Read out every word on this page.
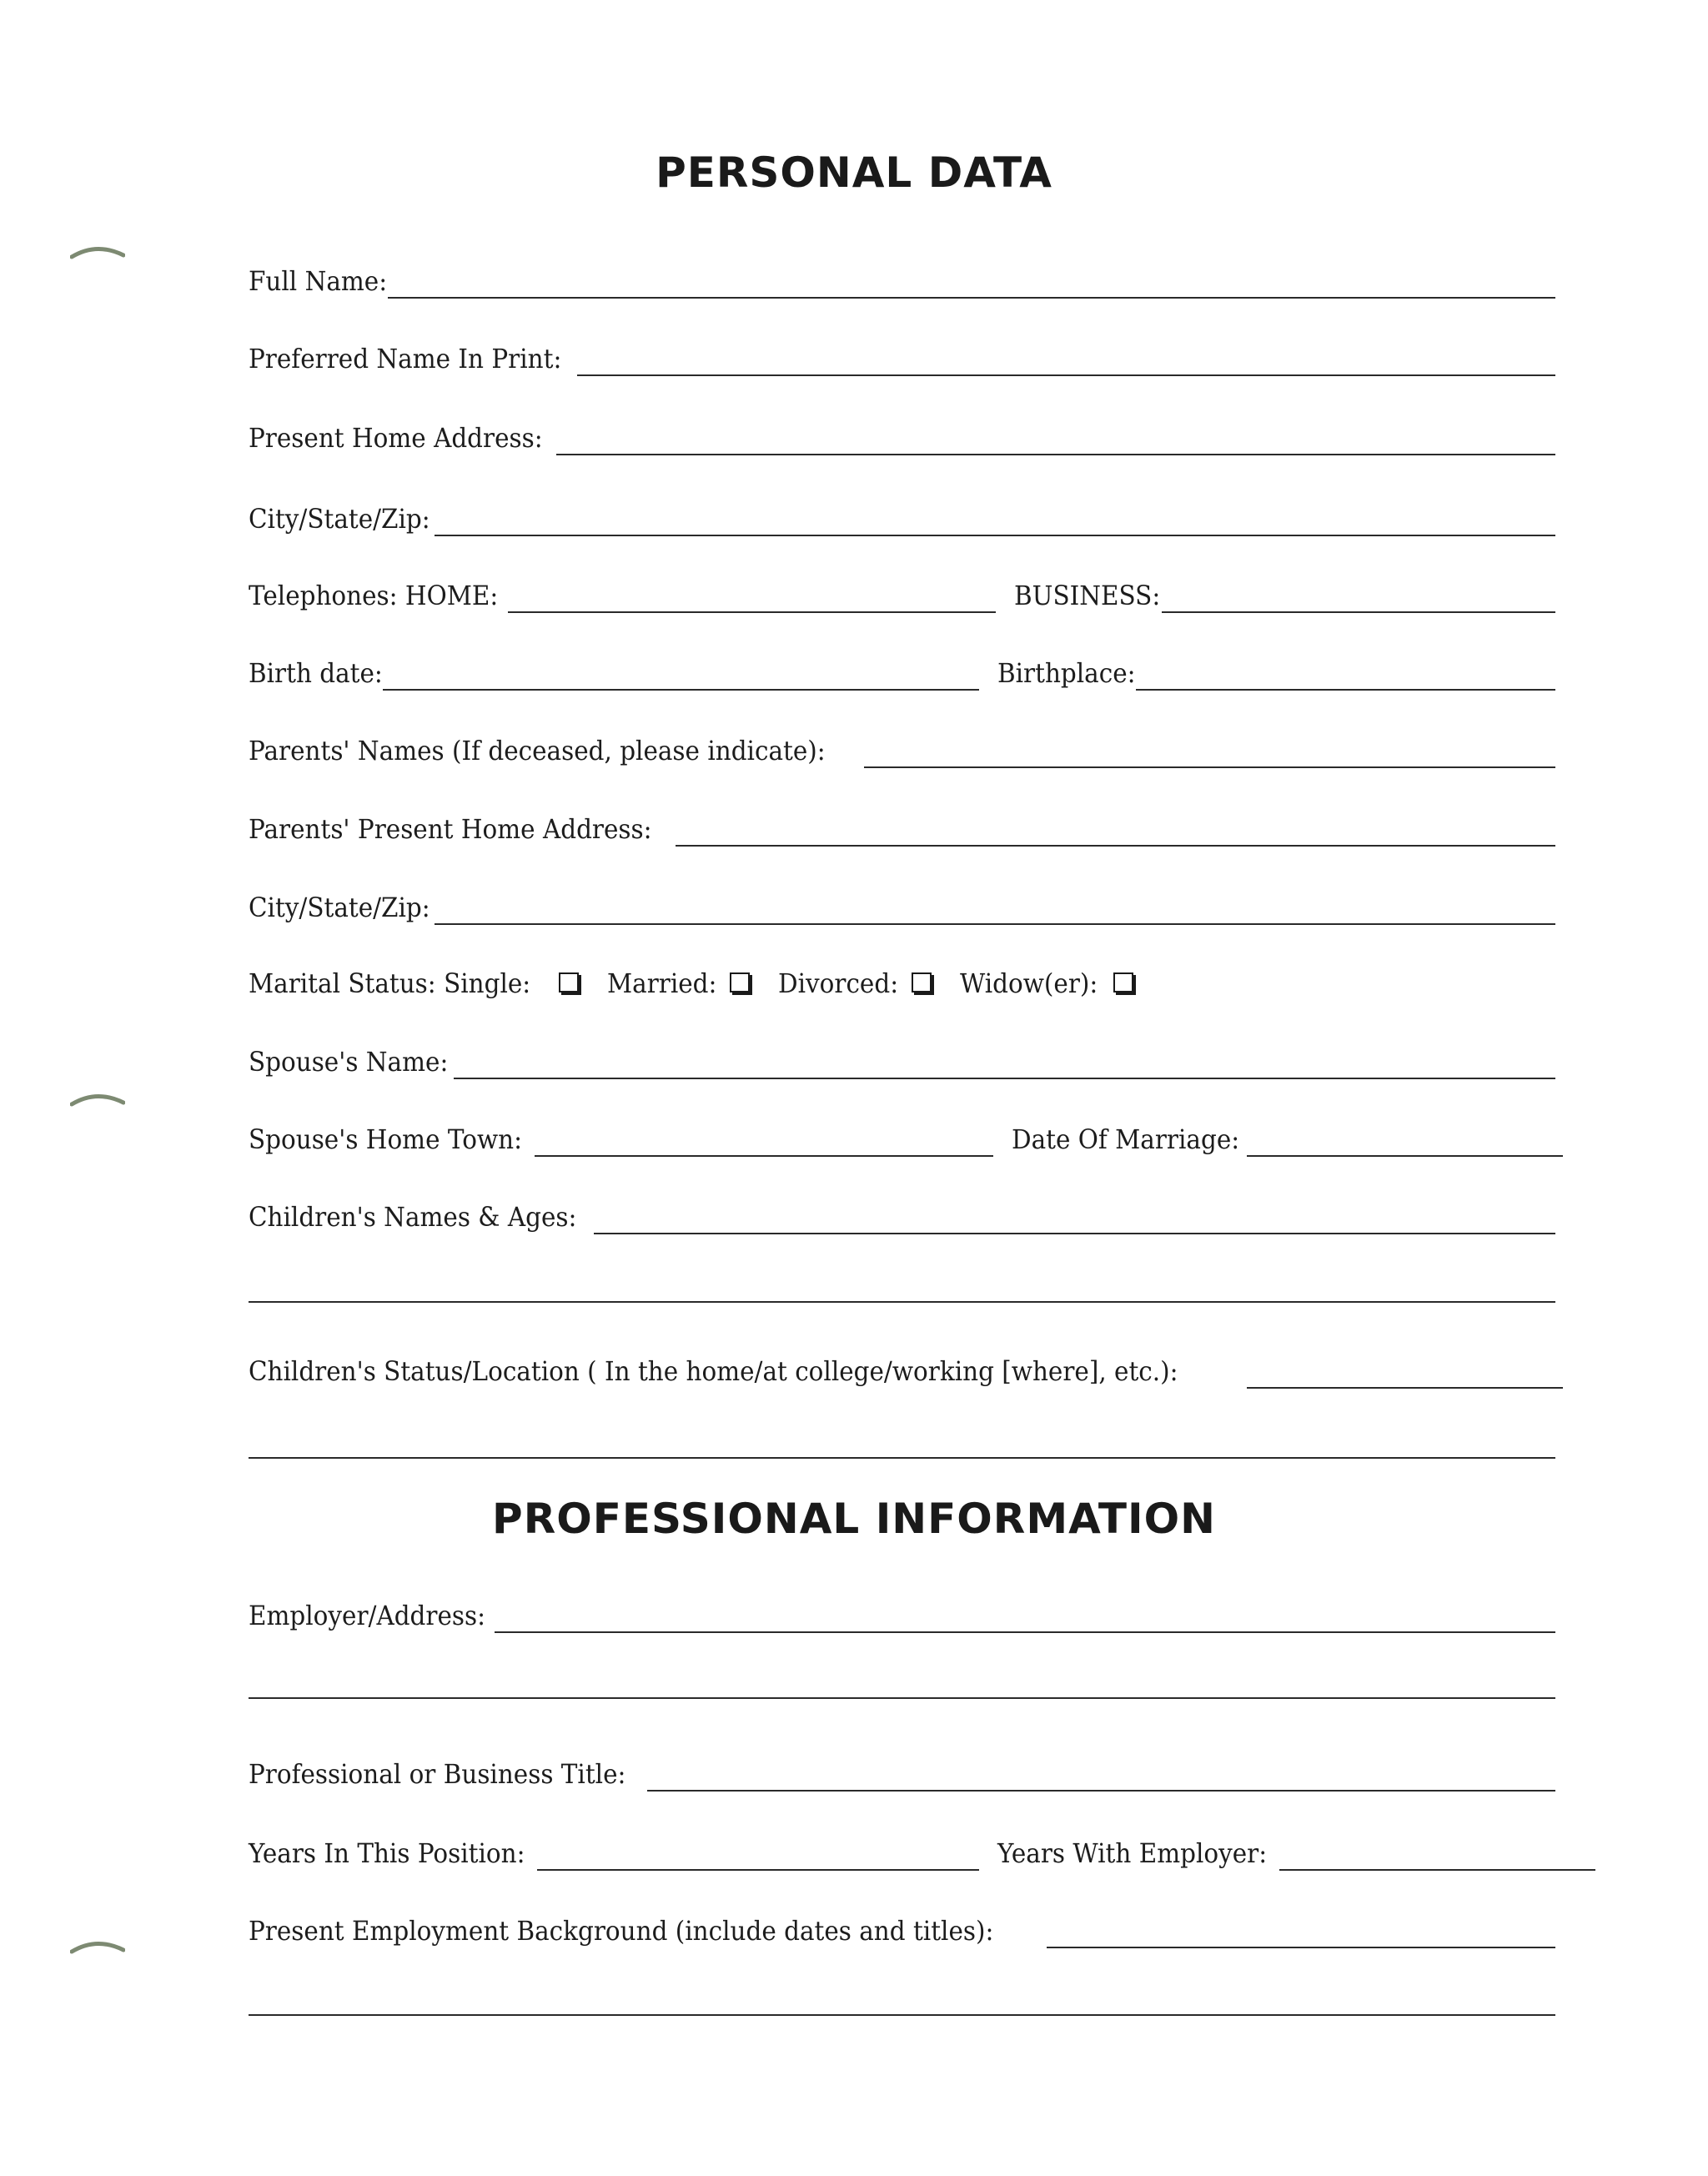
PERSONAL DATA
Full Name:
Preferred Name In Print:
Present Home Address:
City/State/Zip:
Telephones: HOME:	BUSINESS:
Birth date:	Birthplace:
Parents' Names (If deceased, please indicate):
Parents' Present Home Address:
City/State/Zip:
Marital Status: Single:	Married: Divorced: Widow(er):
Spouse's Name:
Spouse's Home Town:	Date Of Marriage:
Children's Names & Ages:
Children's Status/Location ( In the home/at college/working [where], etc.):
PROFESSIONAL INFORMATION
Employer/Address:
Professional or Business Title:
Years In This Position:	Years With Employer:
Present Employment Background (include dates and titles):
